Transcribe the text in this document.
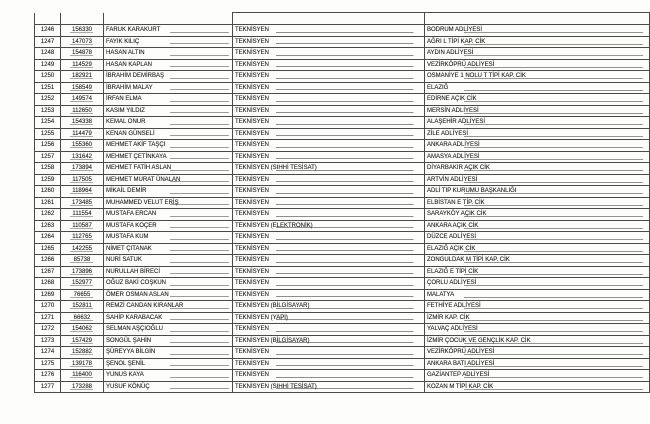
1246	156330	FARUK KARAKURT	TEKNİSYEN	BODRUM ADLİYESİ
1247	147073	FAYIK KILIÇ	TEKNİSYEN	AĞRI L TİPİ KAP. CİK
1248	154878	HASAN ALTIN	TEKNİSYEN	AYDIN ADLİYESİ
1249	114529	HASAN KAPLAN	TEKNİSYEN	VEZİRKÖPRÜ ADLİYESİ
1250	182921	İBRAHİM DEMİRBAŞ	TEKNİSYEN	OSMANİYE 1 NOLU T TİPİ KAP. CİK
1251	158549	İBRAHİM MALAY	TEKNİSYEN	ELAZIĞ
1252	149574	İRFAN ELMA	TEKNİSYEN	EDİRNE AÇIK CİK
1253	112650	KASIM YILDIZ	TEKNİSYEN	MERSİN ADLİYESİ
1254	154338	KEMAL ONUR	TEKNİSYEN	ALAŞEHİR ADLİYESİ
1255	114479	KENAN GÜNSELİ	TEKNİSYEN	ZİLE ADLİYESİ
1256	155360	MEHMET AKİF TAŞÇI	TEKNİSYEN	ANKARA ADLİYESİ
1257	131642	MEHMET ÇETİNKAYA	TEKNİSYEN	AMASYA ADLİYESİ
1258	173894	MEHMET FATİH ASLAN	TEKNİSYEN (SIHHİ TESİSAT)	DİYARBAKIR AÇIK CİK
1259	117505	MEHMET MURAT ÜNALAN	TEKNİSYEN	ARTVİN ADLİYESİ
1260	118964	MİKAİL DEMİR	TEKNİSYEN	ADLİ TIP KURUMU BAŞKANLIĞI
1261	173485	MUHAMMED VELUT ERİŞ	TEKNİSYEN	ELBİSTAN E TİP. CİK
1262	111554	MUSTAFA ERCAN	TEKNİSYEN	SARAYKÖY AÇIK CİK
1263	110587	MUSTAFA KOÇER	TEKNİSYEN (ELEKTRONİK)	ANKARA AÇIK CİK
1264	112765	MUSTAFA KUM	TEKNİSYEN	DÜZCE ADLİYESİ
1265	142255	NİMET ÇITANAK	TEKNİSYEN	ELAZIĞ AÇIK CİK
1266	85738	NURİ SATUK	TEKNİSYEN	ZONGULDAK M TİPİ KAP. CİK
1267	173896	NURULLAH BİRECİ	TEKNİSYEN	ELAZIĞ E TİPİ CİK
1268	152977	OĞUZ BAKİ COŞKUN	TEKNİSYEN	ÇORLU ADLİYESİ
1269	76655	ÖMER OSMAN ASLAN	TEKNİSYEN	MALATYA
1270	152811	REMZİ CANDAN KIRANLAR	TEKNİSYEN (BİLGİSAYAR)	FETHİYE ADLİYESİ
1271	66632	SAHİP KARABACAK	TEKNİSYEN (YAPI)	İZMİR KAP. CİK
1272	154062	SELMAN AŞÇIOĞLU	TEKNİSYEN	YALVAÇ ADLİYESİ
1273	157429	SONGÜL ŞAHİN	TEKNİSYEN (BİLGİSAYAR)	İZMİR ÇOCUK VE GENÇLİK KAP. CİK
1274	152882	ŞÜREYYA BİLGİN	TEKNİSYEN	VEZİRKÖPRÜ ADLİYESİ
1275	139178	ŞENOL ŞENİL	TEKNİSYEN	ANKARA BATI ADLİYESİ
1276	116400	YUNUS KAYA	TEKNİSYEN	GAZİANTEP ADLİYESİ
1277	173288	YUSUF KÖNÜÇ	TEKNİSYEN (SIHHİ TESİSAT)	KOZAN M TİPİ KAP. CİK
